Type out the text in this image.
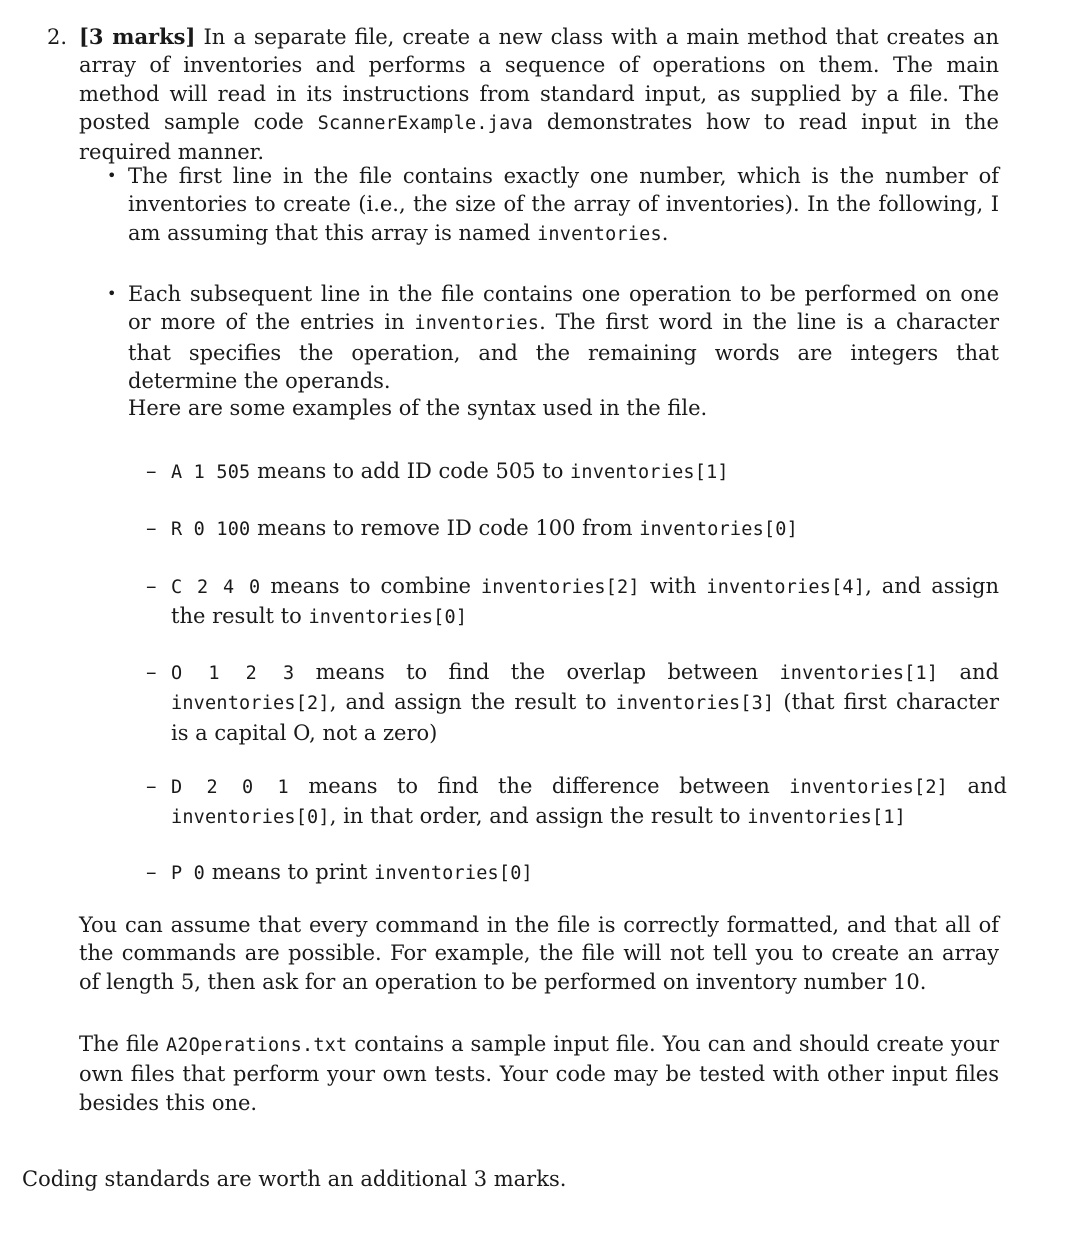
2. [3 marks] In a separate file, create a new class with a main method that creates an array of inventories and performs a sequence of operations on them. The main method will read in its instructions from standard input, as supplied by a file. The posted sample code ScannerExample.java demonstrates how to read input in the required manner.

• The first line in the file contains exactly one number, which is the number of inventories to create (i.e., the size of the array of inventories). In the following, I am assuming that this array is named inventories.

• Each subsequent line in the file contains one operation to be performed on one or more of the entries in inventories. The first word in the line is a character that specifies the operation, and the remaining words are integers that determine the operands.

Here are some examples of the syntax used in the file.

– A 1 505 means to add ID code 505 to inventories[1]

– R 0 100 means to remove ID code 100 from inventories[0]

– C 2 4 0 means to combine inventories[2] with inventories[4], and assign the result to inventories[0]

– O 1 2 3 means to find the overlap between inventories[1] and inventories[2], and assign the result to inventories[3] (that first character is a capital O, not a zero)

– D 2 0 1 means to find the difference between inventories[2] and inventories[0], in that order, and assign the result to inventories[1]

– P 0 means to print inventories[0]

You can assume that every command in the file is correctly formatted, and that all of the commands are possible. For example, the file will not tell you to create an array of length 5, then ask for an operation to be performed on inventory number 10.

The file A2Operations.txt contains a sample input file. You can and should create your own files that perform your own tests. Your code may be tested with other input files besides this one.

Coding standards are worth an additional 3 marks.
